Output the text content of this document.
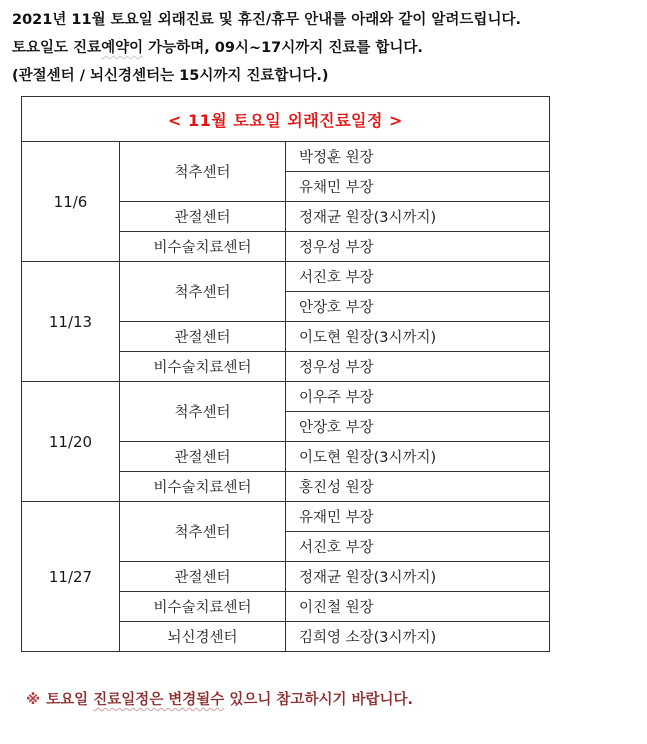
2021년 11월 토요일 외래진료 및 휴진/휴무 안내를 아래와 같이 알려드립니다.
토요일도 진료예약이 가능하며, 09시~17시까지 진료를 합니다.
(관절센터 / 뇌신경센터는 15시까지 진료합니다.)
< 11월 토요일 외래진료일정 >		
11/6	척추센터	박정훈 원장
		유채민 부장
	관절센터	정재균 원장(3시까지)
	비수술치료센터	정우성 부장
11/13	척추센터	서진호 부장
		안장호 부장
	관절센터	이도현 원장(3시까지)
	비수술치료센터	정우성 부장
11/20	척추센터	이우주 부장
		안장호 부장
	관절센터	이도현 원장(3시까지)
	비수술치료센터	홍진성 원장
11/27	척추센터	유재민 부장
		서진호 부장
	관절센터	정재균 원장(3시까지)
	비수술치료센터	이진철 원장
	뇌신경센터	김희영 소장(3시까지)
※ 토요일 진료일정은 변경될수 있으니 참고하시기 바랍니다.
